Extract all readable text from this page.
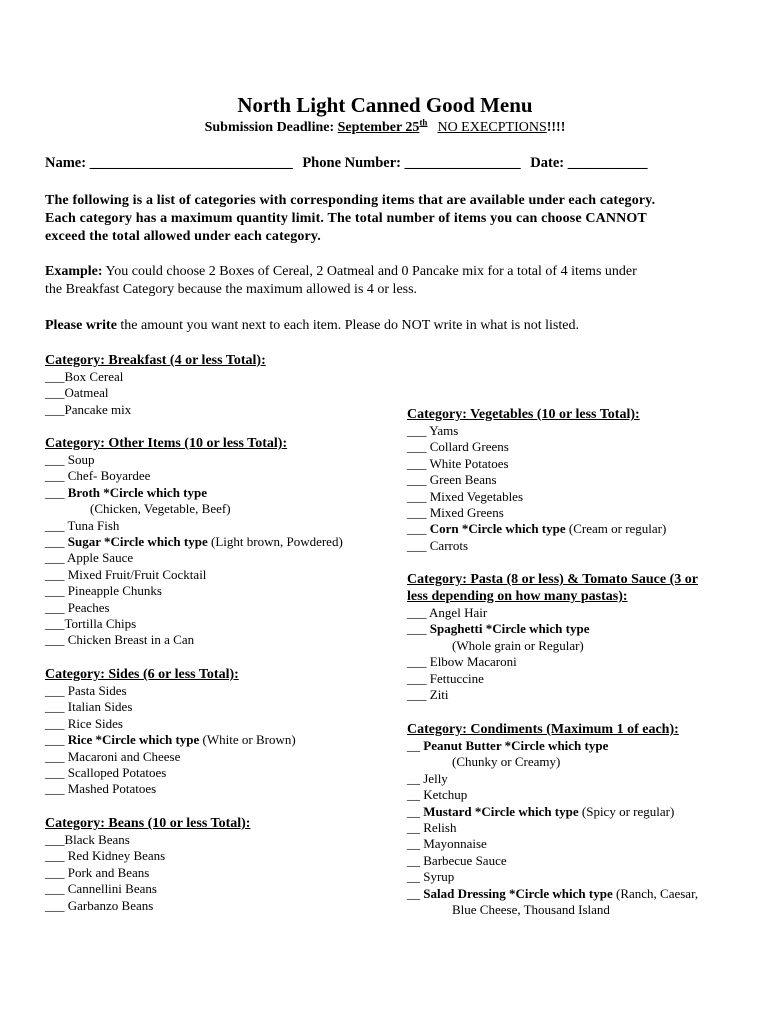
North Light Canned Good Menu
Submission Deadline: September 25th NO EXECPTIONS!!!!
Name: ____________________________ Phone Number: ________________ Date: ___________
The following is a list of categories with corresponding items that are available under each category.
Each category has a maximum quantity limit. The total number of items you can choose CANNOT
exceed the total allowed under each category.
Example: You could choose 2 Boxes of Cereal, 2 Oatmeal and 0 Pancake mix for a total of 4 items under
the Breakfast Category because the maximum allowed is 4 or less.
Please write the amount you want next to each item. Please do NOT write in what is not listed.
Category: Breakfast (4 or less Total):
___Box Cereal
___Oatmeal
___Pancake mix
Category: Other Items (10 or less Total):
___ Soup
___ Chef- Boyardee
___ Broth *Circle which type
(Chicken, Vegetable, Beef)
___ Tuna Fish
___ Sugar *Circle which type (Light brown, Powdered)
___ Apple Sauce
___ Mixed Fruit/Fruit Cocktail
___ Pineapple Chunks
___ Peaches
___Tortilla Chips
___ Chicken Breast in a Can
Category: Sides (6 or less Total):
___ Pasta Sides
___ Italian Sides
___ Rice Sides
___ Rice *Circle which type (White or Brown)
___ Macaroni and Cheese
___ Scalloped Potatoes
___ Mashed Potatoes
Category: Beans (10 or less Total):
___Black Beans
___ Red Kidney Beans
___ Pork and Beans
___ Cannellini Beans
___ Garbanzo Beans
Category: Vegetables (10 or less Total):
___ Yams
___ Collard Greens
___ White Potatoes
___ Green Beans
___ Mixed Vegetables
___ Mixed Greens
___ Corn *Circle which type (Cream or regular)
___ Carrots
Category: Pasta (8 or less) & Tomato Sauce (3 or
less depending on how many pastas):
___ Angel Hair
___ Spaghetti *Circle which type
(Whole grain or Regular)
___ Elbow Macaroni
___ Fettuccine
___ Ziti
Category: Condiments (Maximum 1 of each):
__ Peanut Butter *Circle which type
(Chunky or Creamy)
__ Jelly
__ Ketchup
__ Mustard *Circle which type (Spicy or regular)
__ Relish
__ Mayonnaise
__ Barbecue Sauce
__ Syrup
__ Salad Dressing *Circle which type (Ranch, Caesar,
Blue Cheese, Thousand Island
